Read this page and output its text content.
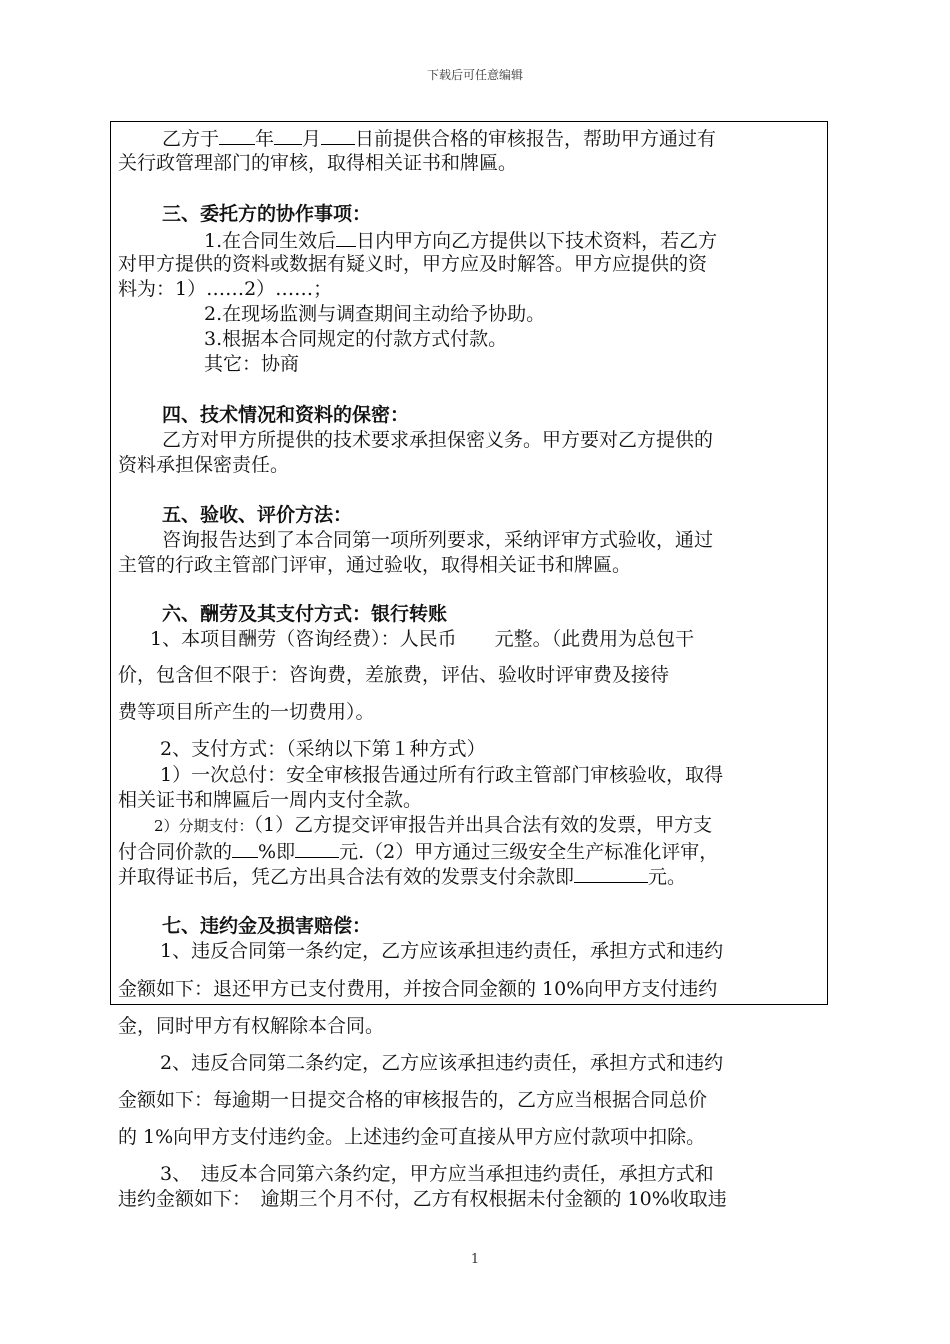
下载后可任意编辑
乙方于 年 月 日前提供合格的审核报告，帮助甲方通过有
关行政管理部门的审核，取得相关证书和牌匾。
三、委托方的协作事项：
1.在合同生效后 日内甲方向乙方提供以下技术资料，若乙方
对甲方提供的资料或数据有疑义时，甲方应及时解答。甲方应提供的资
料为：1）……2）……；
2.在现场监测与调查期间主动给予协助。
3.根据本合同规定的付款方式付款。
其它：协商
四、技术情况和资料的保密：
乙方对甲方所提供的技术要求承担保密义务。甲方要对乙方提供的
资料承担保密责任。
五、验收、评价方法：
咨询报告达到了本合同第一项所列要求，采纳评审方式验收，通过
主管的行政主管部门评审，通过验收，取得相关证书和牌匾。
六、酬劳及其支付方式：银行转账
1、本项目酬劳（咨询经费）：人民币 元整。（此费用为总包干
价，包含但不限于：咨询费，差旅费，评估、验收时评审费及接待
费等项目所产生的一切费用）。
2、支付方式：（采纳以下第１种方式）
1）一次总付：安全审核报告通过所有行政主管部门审核验收，取得
相关证书和牌匾后一周内支付全款。
2）分期支付：（1）乙方提交评审报告并出具合法有效的发票，甲方支
付合同价款的 %即 元.（2）甲方通过三级安全生产标准化评审，
并取得证书后，凭乙方出具合法有效的发票支付余款即	元。
七、违约金及损害赔偿：
1、违反合同第一条约定，乙方应该承担违约责任，承担方式和违约
金额如下：退还甲方已支付费用，并按合同金额的 10%向甲方支付违约
金，同时甲方有权解除本合同。
2、违反合同第二条约定，乙方应该承担违约责任，承担方式和违约
金额如下：每逾期一日提交合格的审核报告的，乙方应当根据合同总价
的 1%向甲方支付违约金。上述违约金可直接从甲方应付款项中扣除。
3、　违反本合同第六条约定，甲方应当承担违约责任，承担方式和
违约金额如下：　逾期三个月不付，乙方有权根据未付金额的 10%收取违
1
